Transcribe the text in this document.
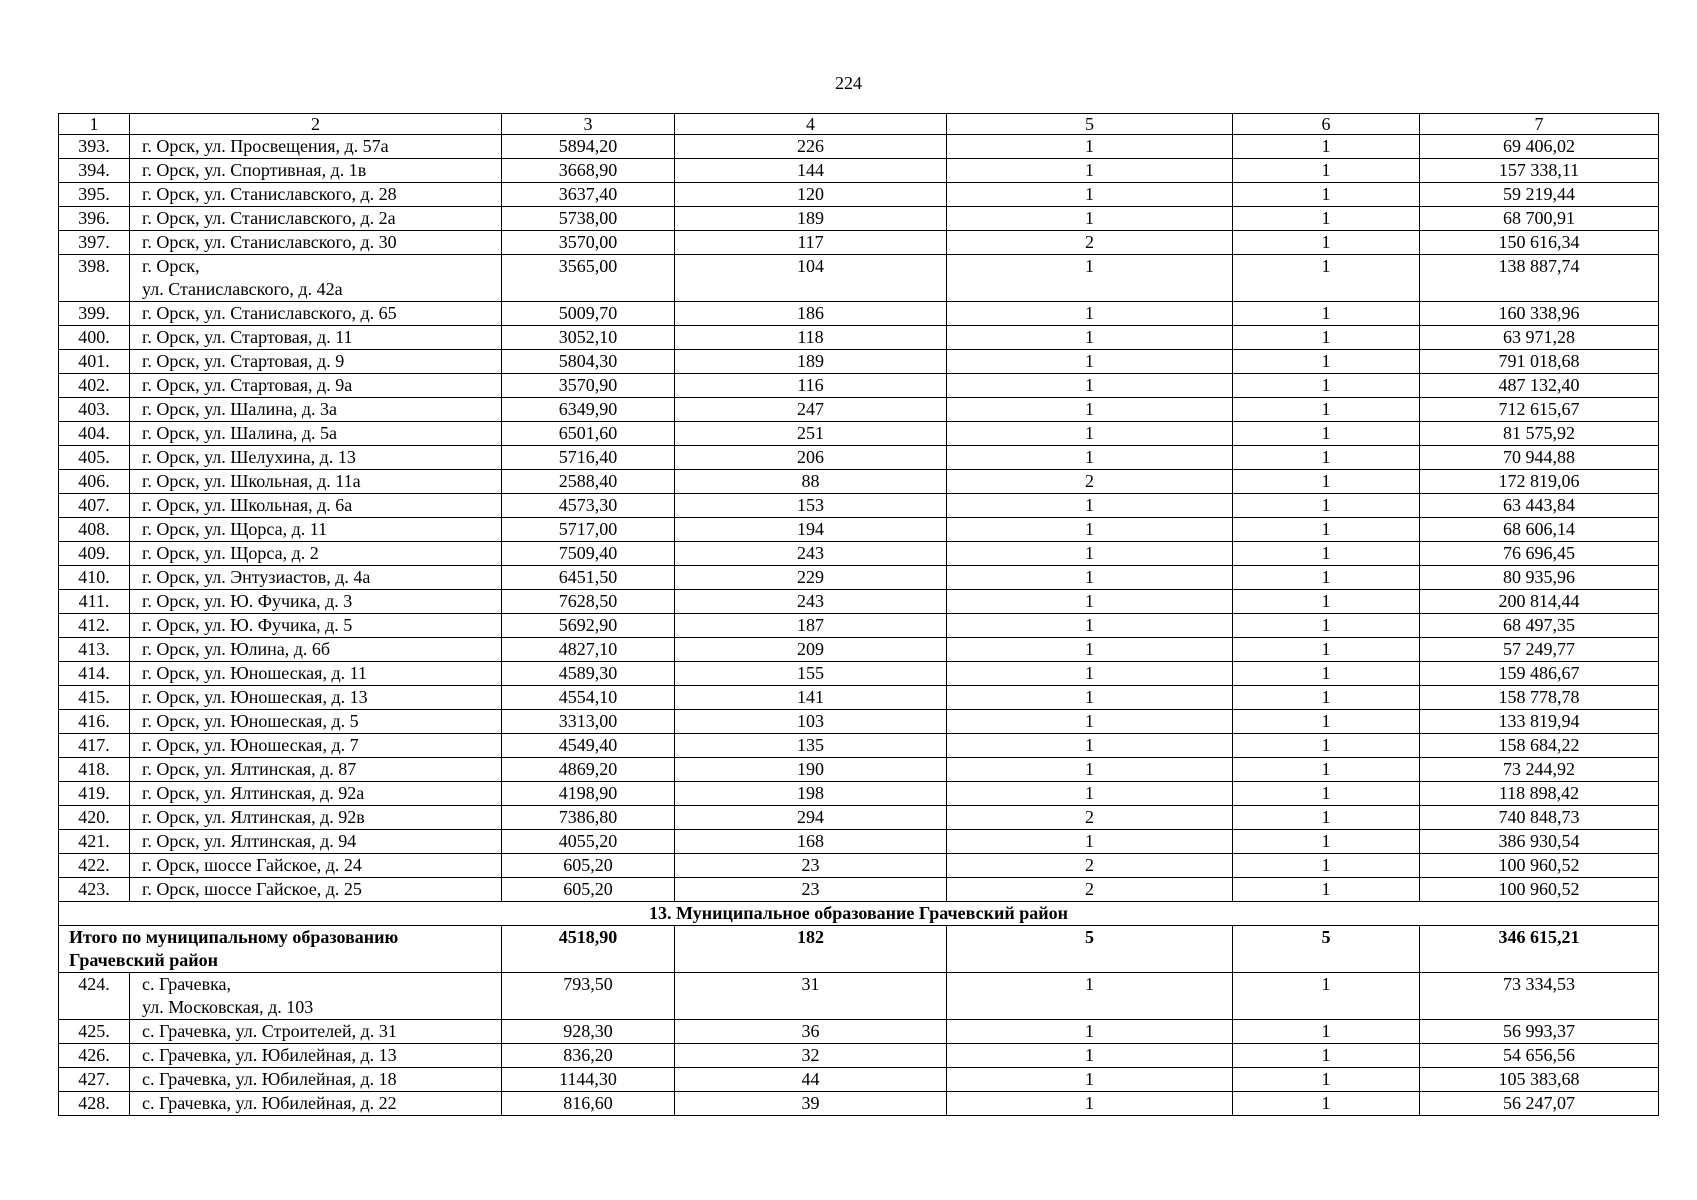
224
1	2	3	4	5	6	7
393.	г. Орск, ул. Просвещения, д. 57а	5894,20	226	1	1	69 406,02
394.	г. Орск, ул. Спортивная, д. 1в	3668,90	144	1	1	157 338,11
395.	г. Орск, ул. Станиславского, д. 28	3637,40	120	1	1	59 219,44
396.	г. Орск, ул. Станиславского, д. 2а	5738,00	189	1	1	68 700,91
397.	г. Орск, ул. Станиславского, д. 30	3570,00	117	2	1	150 616,34
398.	г. Орск,
ул. Станиславского, д. 42а	3565,00	104	1	1	138 887,74
399.	г. Орск, ул. Станиславского, д. 65	5009,70	186	1	1	160 338,96
400.	г. Орск, ул. Стартовая, д. 11	3052,10	118	1	1	63 971,28
401.	г. Орск, ул. Стартовая, д. 9	5804,30	189	1	1	791 018,68
402.	г. Орск, ул. Стартовая, д. 9а	3570,90	116	1	1	487 132,40
403.	г. Орск, ул. Шалина, д. 3а	6349,90	247	1	1	712 615,67
404.	г. Орск, ул. Шалина, д. 5а	6501,60	251	1	1	81 575,92
405.	г. Орск, ул. Шелухина, д. 13	5716,40	206	1	1	70 944,88
406.	г. Орск, ул. Школьная, д. 11а	2588,40	88	2	1	172 819,06
407.	г. Орск, ул. Школьная, д. 6а	4573,30	153	1	1	63 443,84
408.	г. Орск, ул. Щорса, д. 11	5717,00	194	1	1	68 606,14
409.	г. Орск, ул. Щорса, д. 2	7509,40	243	1	1	76 696,45
410.	г. Орск, ул. Энтузиастов, д. 4а	6451,50	229	1	1	80 935,96
411.	г. Орск, ул. Ю. Фучика, д. 3	7628,50	243	1	1	200 814,44
412.	г. Орск, ул. Ю. Фучика, д. 5	5692,90	187	1	1	68 497,35
413.	г. Орск, ул. Юлина, д. 6б	4827,10	209	1	1	57 249,77
414.	г. Орск, ул. Юношеская, д. 11	4589,30	155	1	1	159 486,67
415.	г. Орск, ул. Юношеская, д. 13	4554,10	141	1	1	158 778,78
416.	г. Орск, ул. Юношеская, д. 5	3313,00	103	1	1	133 819,94
417.	г. Орск, ул. Юношеская, д. 7	4549,40	135	1	1	158 684,22
418.	г. Орск, ул. Ялтинская, д. 87	4869,20	190	1	1	73 244,92
419.	г. Орск, ул. Ялтинская, д. 92а	4198,90	198	1	1	118 898,42
420.	г. Орск, ул. Ялтинская, д. 92в	7386,80	294	2	1	740 848,73
421.	г. Орск, ул. Ялтинская, д. 94	4055,20	168	1	1	386 930,54
422.	г. Орск, шоссе Гайское, д. 24	605,20	23	2	1	100 960,52
423.	г. Орск, шоссе Гайское, д. 25	605,20	23	2	1	100 960,52
13. Муниципальное образование Грачевский район						

Итого по муниципальному образованию
Грачевский район		4518,90	182	5	5	346 615,21
424.	с. Грачевка,
ул. Московская, д. 103	793,50	31	1	1	73 334,53
425.	с. Грачевка, ул. Строителей, д. 31	928,30	36	1	1	56 993,37
426.	с. Грачевка, ул. Юбилейная, д. 13	836,20	32	1	1	54 656,56
427.	с. Грачевка, ул. Юбилейная, д. 18	1144,30	44	1	1	105 383,68
428.	с. Грачевка, ул. Юбилейная, д. 22	816,60	39	1	1	56 247,07
